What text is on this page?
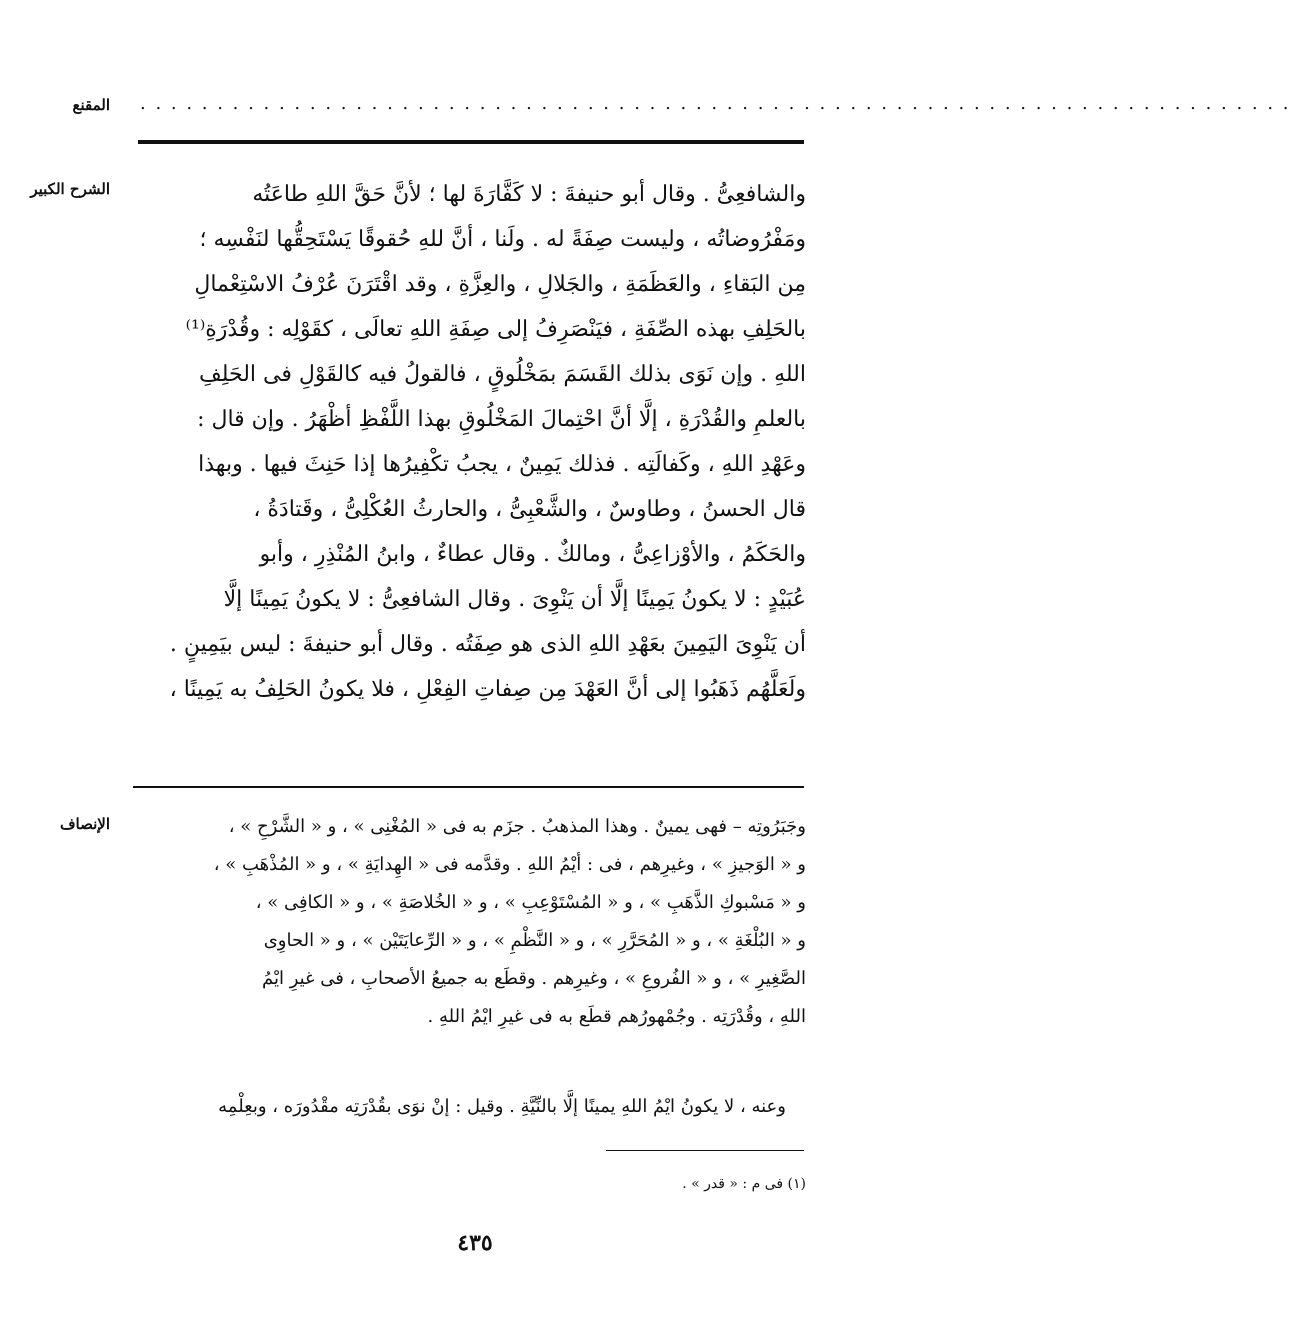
المقنع . . . . . . . . . . . . . . . . . . . . . . . . . . . . . . . . . . . . . . . . . . . . . . . . . . . . . . . . . . . . . . . . . . . . . . . . . . .
الشرح الكبير	والشافعِىُّ . وقال أبو حنيفةَ : لا كَفَّارَةَ لها ؛ لأنَّ حَقَّ اللهِ طاعَتُه
ومَفْرُوضاتُه ، وليست صِفَةً له . ولَنا ، أنَّ للهِ حُقوقًا يَسْتَحِقُّها لنَفْسِه ؛
مِن البَقاءِ ، والعَظَمَةِ ، والجَلالِ ، والعِزَّةِ ، وقد اقْتَرَنَ عُرْفُ الاسْتِعْمالِ
بالحَلِفِ بهذه الصِّفَةِ ، فيَنْصَرِفُ إلى صِفَةِ اللهِ تعالَى ، كقَوْلِه : وقُدْرَةِ⁽¹⁾
اللهِ . وإن نَوَى بذلك القَسَمَ بمَخْلُوقٍ ، فالقولُ فيه كالقَوْلِ فى الحَلِفِ
بالعلمِ والقُدْرَةِ ، إلَّا أنَّ احْتِمالَ المَخْلُوقِ بهذا اللَّفْظِ أظْهَرُ . وإن قال :
وعَهْدِ اللهِ ، وكَفالَتِه . فذلك يَمِينٌ ، يجبُ تكْفِيرُها إذا حَنِثَ فيها . وبهذا
قال الحسنُ ، وطاوسٌ ، والشَّعْبِىُّ ، والحارثُ العُكْلِىُّ ، وقَتادَةُ ،
والحَكَمُ ، والأوْزاعِىُّ ، ومالكٌ . وقال عطاءٌ ، وابنُ المُنْذِرِ ، وأبو
عُبَيْدٍ : لا يكونُ يَمِينًا إلَّا أن يَنْوِىَ . وقال الشافعِىُّ : لا يكونُ يَمِينًا إلَّا
أن يَنْوِىَ اليَمِينَ بعَهْدِ اللهِ الذى هو صِفَتُه . وقال أبو حنيفةَ : ليس بيَمِينٍ .
ولَعَلَّهُم ذَهَبُوا إلى أنَّ العَهْدَ مِن صِفاتِ الفِعْلِ ، فلا يكونُ الحَلِفُ به يَمِينًا ،
الإنصاف	وجَبَرُوتِه – فهى يمينٌ . وهذا المذهبُ . جزَم به فى « المُغْنِى » ، و « الشَّرْحِ » ،
و « الوَجيزِ » ، وغيرِهم ، فى : أيْمُ اللهِ . وقدَّمه فى « الهِدايَةِ » ، و « المُذْهَبِ » ،
و « مَسْبوكِ الذَّهَبِ » ، و « المُسْتَوْعِبِ » ، و « الخُلاصَةِ » ، و « الكافِى » ،
و « البُلْغَةِ » ، و « المُحَرَّرِ » ، و « النَّظْمِ » ، و « الرِّعايَتَيْن » ، و « الحاوِى
الصَّغِيرِ » ، و « الفُروعِ » ، وغيرِهم . وقطَع به جميعُ الأصحابِ ، فى غيرِ ايْمُ
اللهِ ، وقُدْرَتِه . وجُمْهورُهم قطَع به فى غيرِ ايْمُ اللهِ .
وعنه ، لا يكونُ ايْمُ اللهِ يمينًا إلَّا بالنِّيَّةِ . وقيل : إنْ نوَى بقُدْرَتِه مقْدُورَه ، وبعِلْمِه
(١) فى م : « قدر » .
٤٣٥
